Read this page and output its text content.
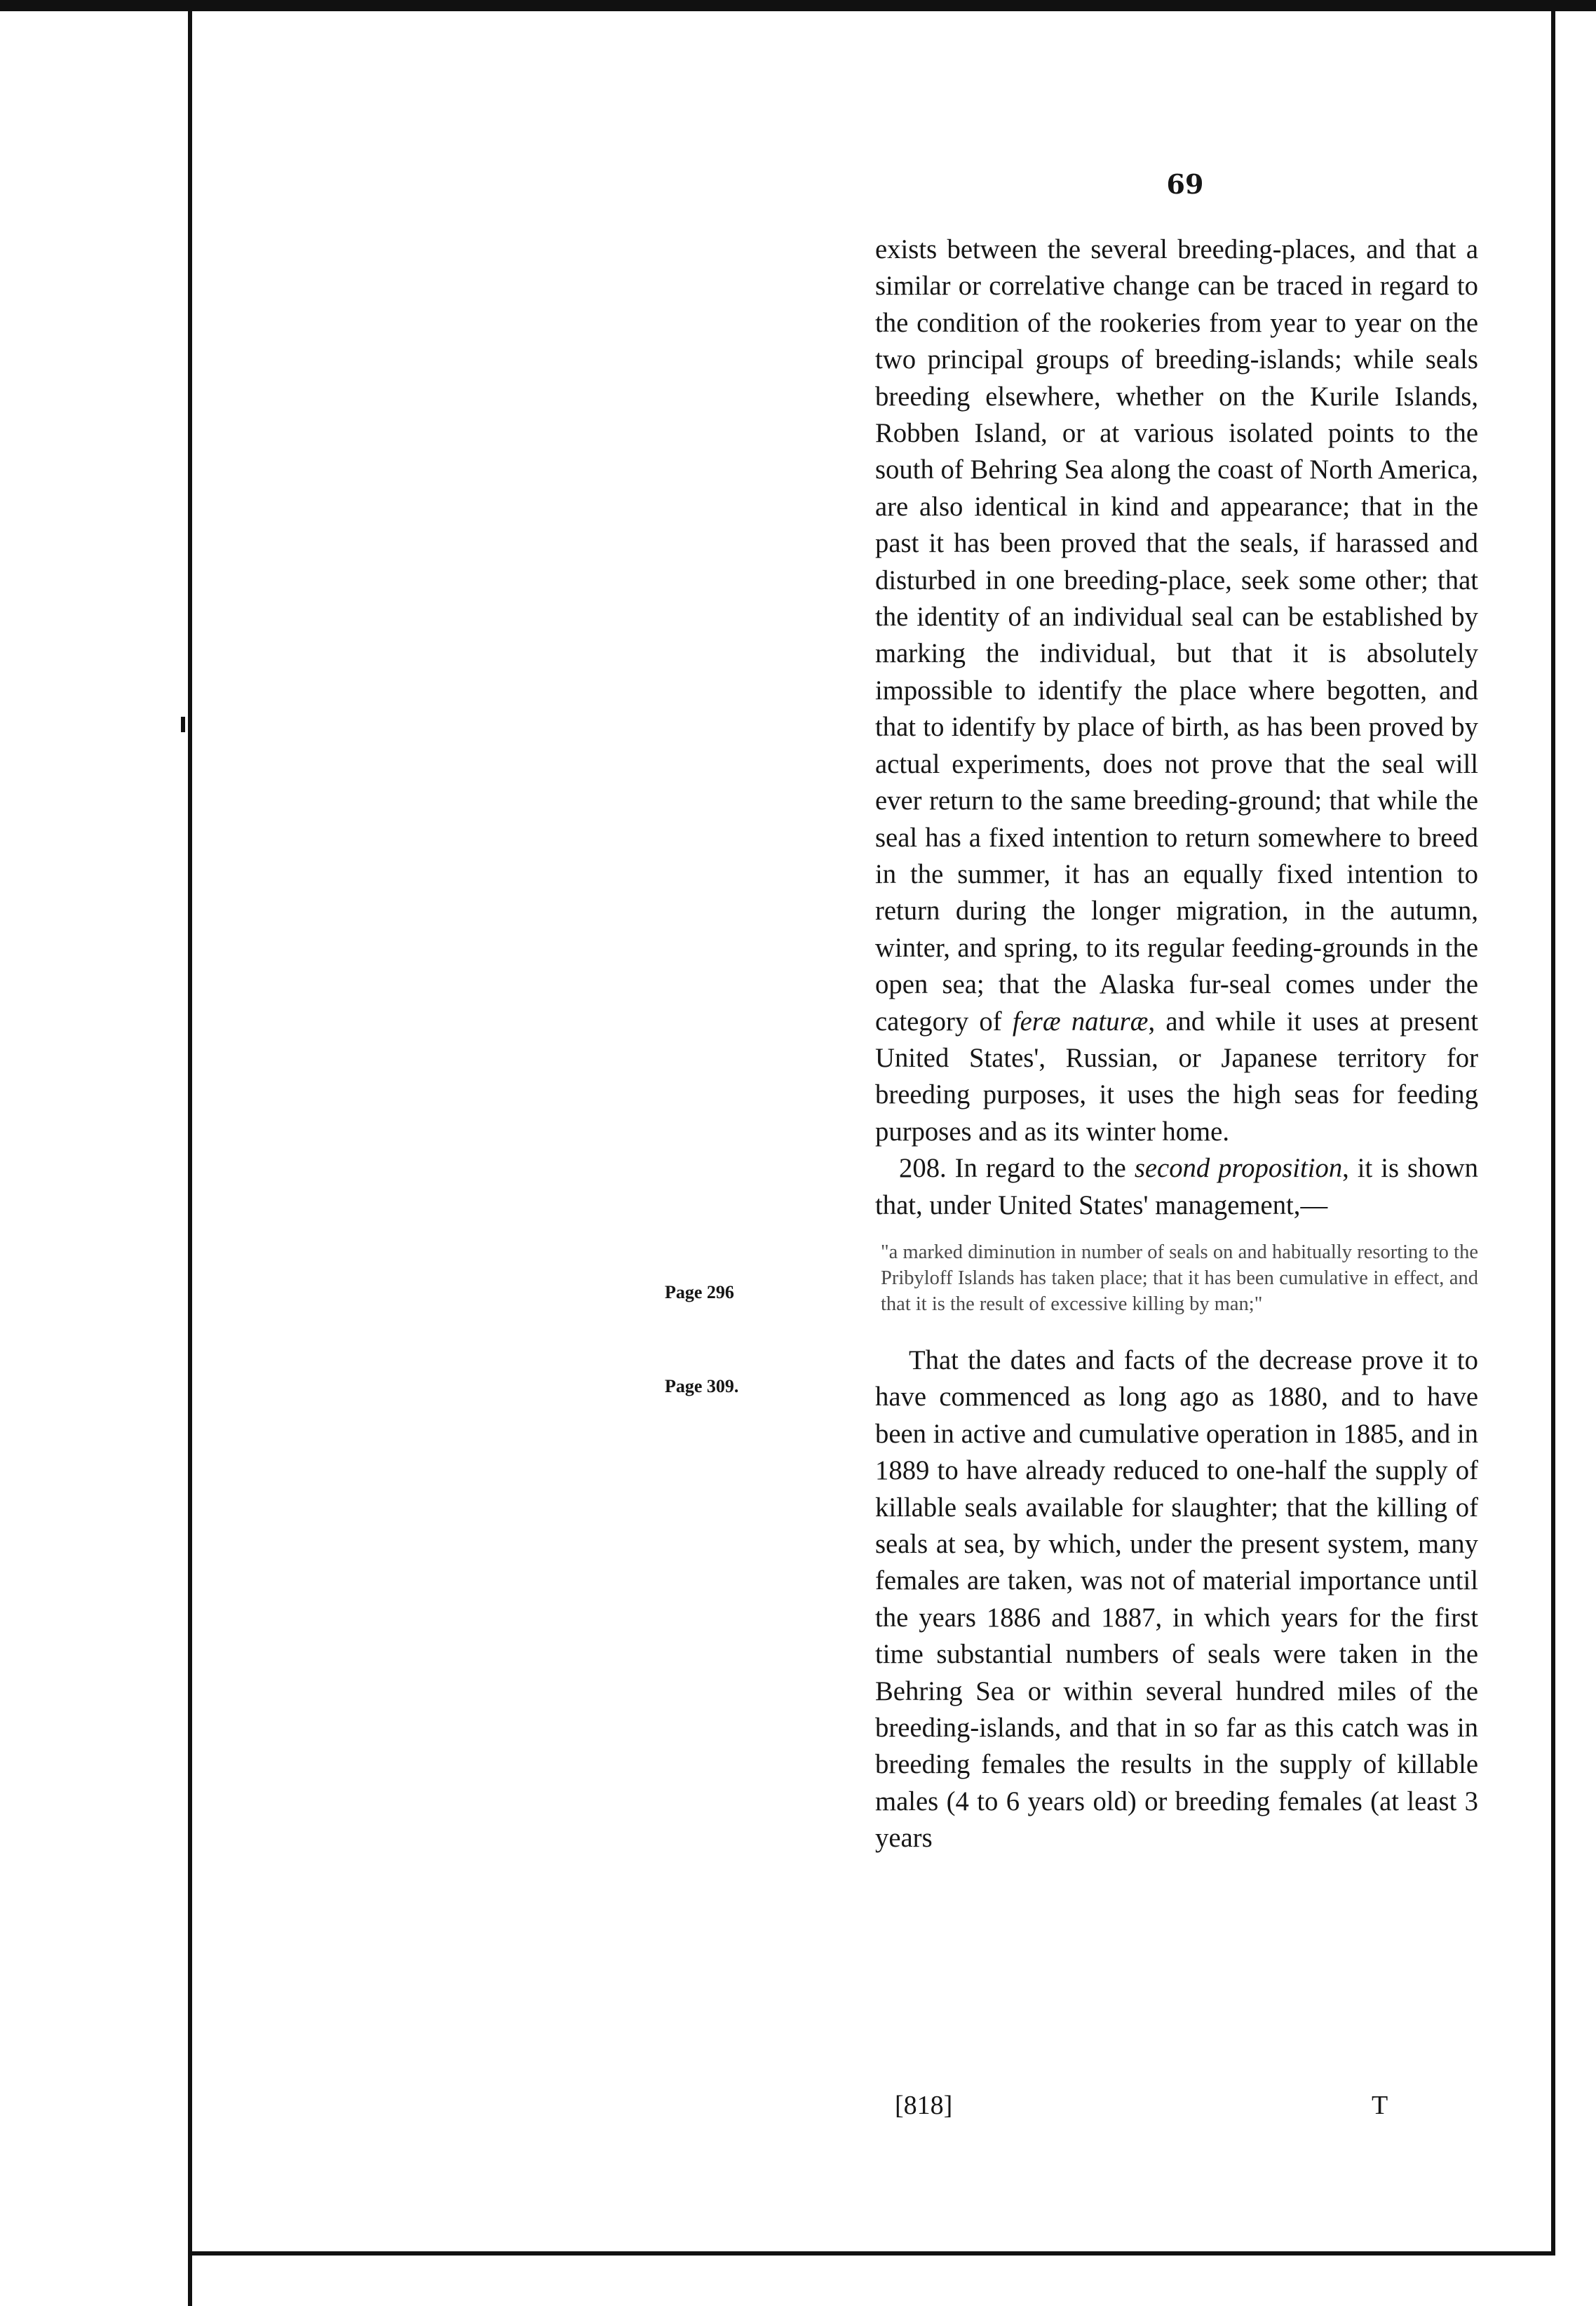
69
Page 296
Page 309.

exists between the several breeding-places, and that a similar or correlative change can be traced in regard to the condition of the rookeries from year to year on the two principal groups of breeding-islands; while seals breeding elsewhere, whether on the Kurile Islands, Robben Island, or at various isolated points to the south of Behring Sea along the coast of North America, are also identical in kind and appearance; that in the past it has been proved that the seals, if harassed and disturbed in one breeding-place, seek some other; that the identity of an individual seal can be established by marking the individual, but that it is absolutely impossible to identify the place where begotten, and that to identify by place of birth, as has been proved by actual experiments, does not prove that the seal will ever return to the same breeding-ground; that while the seal has a fixed intention to return somewhere to breed in the summer, it has an equally fixed intention to return during the longer migration, in the autumn, winter, and spring, to its regular feeding-grounds in the open sea; that the Alaska fur-seal comes under the category of feræ naturæ, and while it uses at present United States', Russian, or Japanese territory for breeding purposes, it uses the high seas for feeding purposes and as its winter home.

208. In regard to the second proposition, it is shown that, under United States' management,—

"a marked diminution in number of seals on and habitually resorting to the Pribyloff Islands has taken place; that it has been cumulative in effect, and that it is the result of excessive killing by man;"

That the dates and facts of the decrease prove it to have commenced as long ago as 1880, and to have been in active and cumulative operation in 1885, and in 1889 to have already reduced to one-half the supply of killable seals available for slaughter; that the killing of seals at sea, by which, under the present system, many females are taken, was not of material importance until the years 1886 and 1887, in which years for the first time substantial numbers of seals were taken in the Behring Sea or within several hundred miles of the breeding-islands, and that in so far as this catch was in breeding females the results in the supply of killable males (4 to 6 years old) or breeding females (at least 3 years

[818]	T
